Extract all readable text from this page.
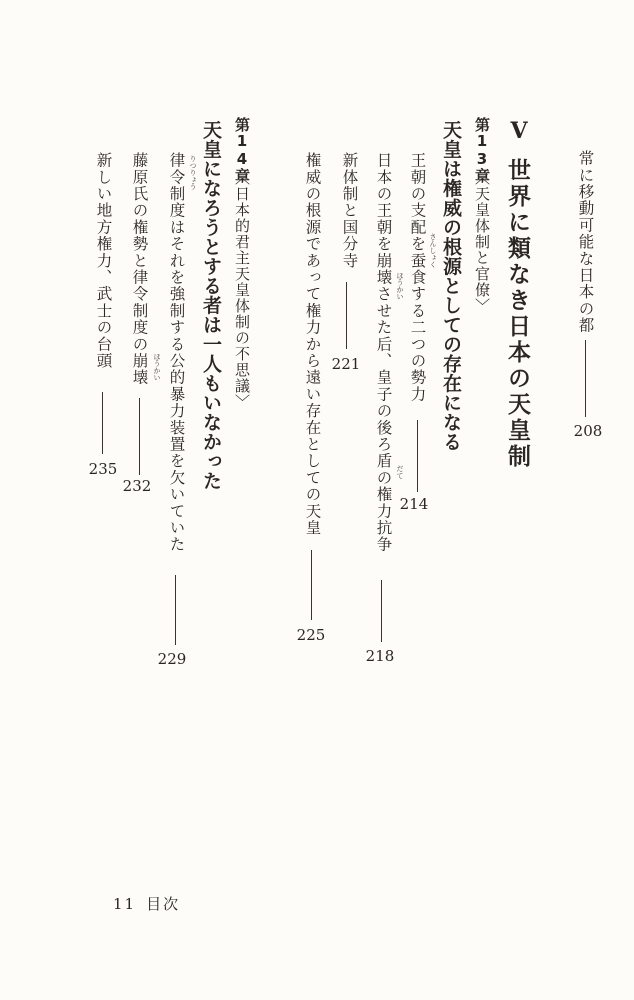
常に移動可能な日本の都
208
V
世界に類なき日本の天皇制
第13章
〈天皇体制と官僚〉
天皇は権威の根源としての存在になる
さんしょく
王朝の支配を蚕食する二つの勢力
214
ほうかい
だて
日本の王朝を崩壊させた后、皇子の後ろ盾の権力抗争
218
新体制と国分寺
221
権威の根源であって権力から遠い存在としての天皇
225
第14章
〈日本的君主天皇体制の不思議〉
天皇になろうとする者は一人もいなかった
りつりょう
律令制度はそれを強制する公的暴力装置を欠いていた
229
ほうかい
藤原氏の権勢と律令制度の崩壊
232
新しい地方権力、武士の台頭
235
11 目次
